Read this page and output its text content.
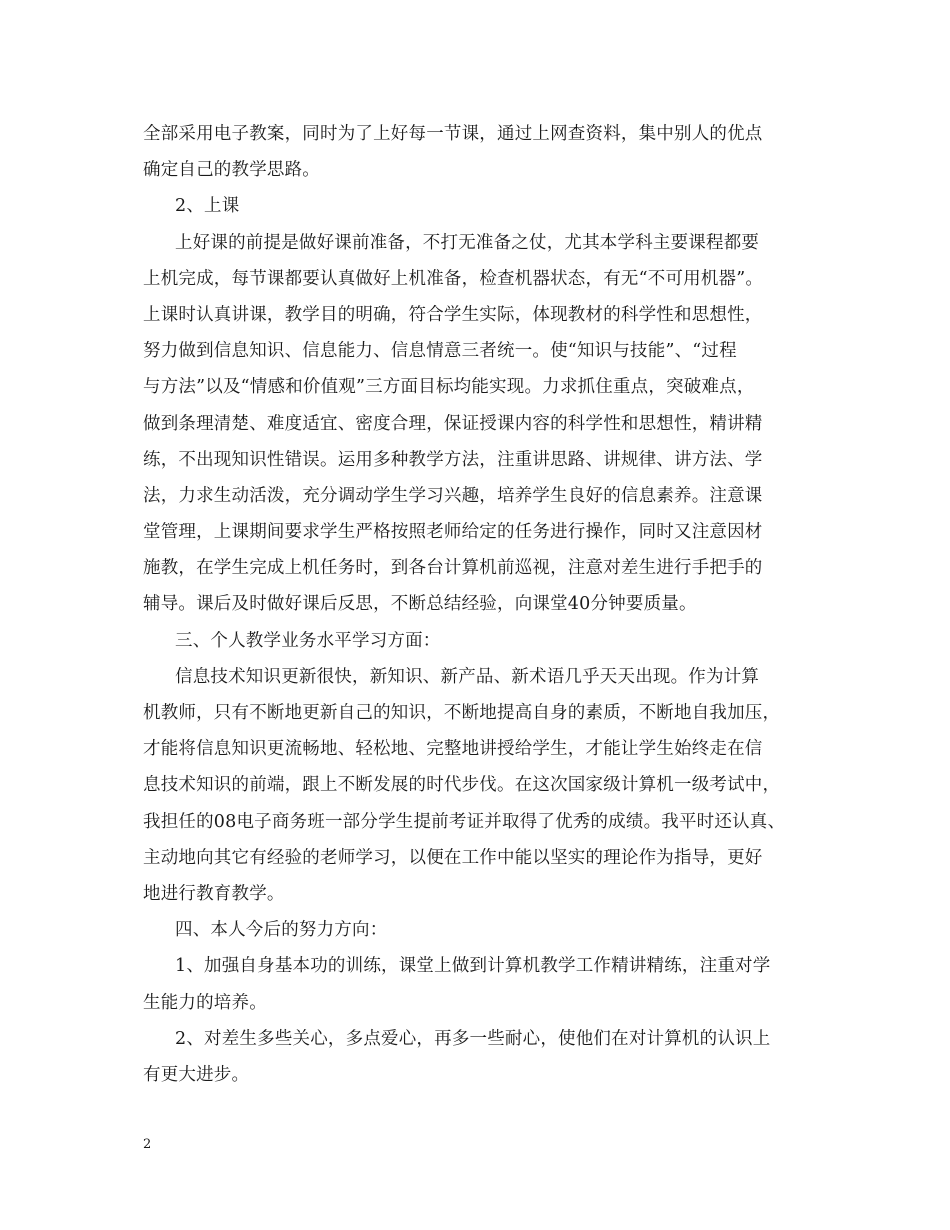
全部采用电子教案，同时为了上好每一节课，通过上网查资料，集中别人的优点
确定自己的教学思路。
2、上课
上好课的前提是做好课前准备，不打无准备之仗，尤其本学科主要课程都要
上机完成，每节课都要认真做好上机准备，检查机器状态，有无“不可用机器”。
上课时认真讲课，教学目的明确，符合学生实际，体现教材的科学性和思想性，
努力做到信息知识、信息能力、信息情意三者统一。使“知识与技能”、“过程
与方法”以及“情感和价值观”三方面目标均能实现。力求抓住重点，突破难点，
做到条理清楚、难度适宜、密度合理，保证授课内容的科学性和思想性，精讲精
练，不出现知识性错误。运用多种教学方法，注重讲思路、讲规律、讲方法、学
法，力求生动活泼，充分调动学生学习兴趣，培养学生良好的信息素养。注意课
堂管理，上课期间要求学生严格按照老师给定的任务进行操作，同时又注意因材
施教，在学生完成上机任务时，到各台计算机前巡视，注意对差生进行手把手的
辅导。课后及时做好课后反思，不断总结经验，向课堂40分钟要质量。
三、个人教学业务水平学习方面：
信息技术知识更新很快，新知识、新产品、新术语几乎天天出现。作为计算
机教师，只有不断地更新自己的知识，不断地提高自身的素质，不断地自我加压，
才能将信息知识更流畅地、轻松地、完整地讲授给学生，才能让学生始终走在信
息技术知识的前端，跟上不断发展的时代步伐。在这次国家级计算机一级考试中，
我担任的08电子商务班一部分学生提前考证并取得了优秀的成绩。我平时还认真、
主动地向其它有经验的老师学习，以便在工作中能以坚实的理论作为指导，更好
地进行教育教学。
四、本人今后的努力方向：
1、加强自身基本功的训练，课堂上做到计算机教学工作精讲精练，注重对学
生能力的培养。
2、对差生多些关心，多点爱心，再多一些耐心，使他们在对计算机的认识上
有更大进步。
2
